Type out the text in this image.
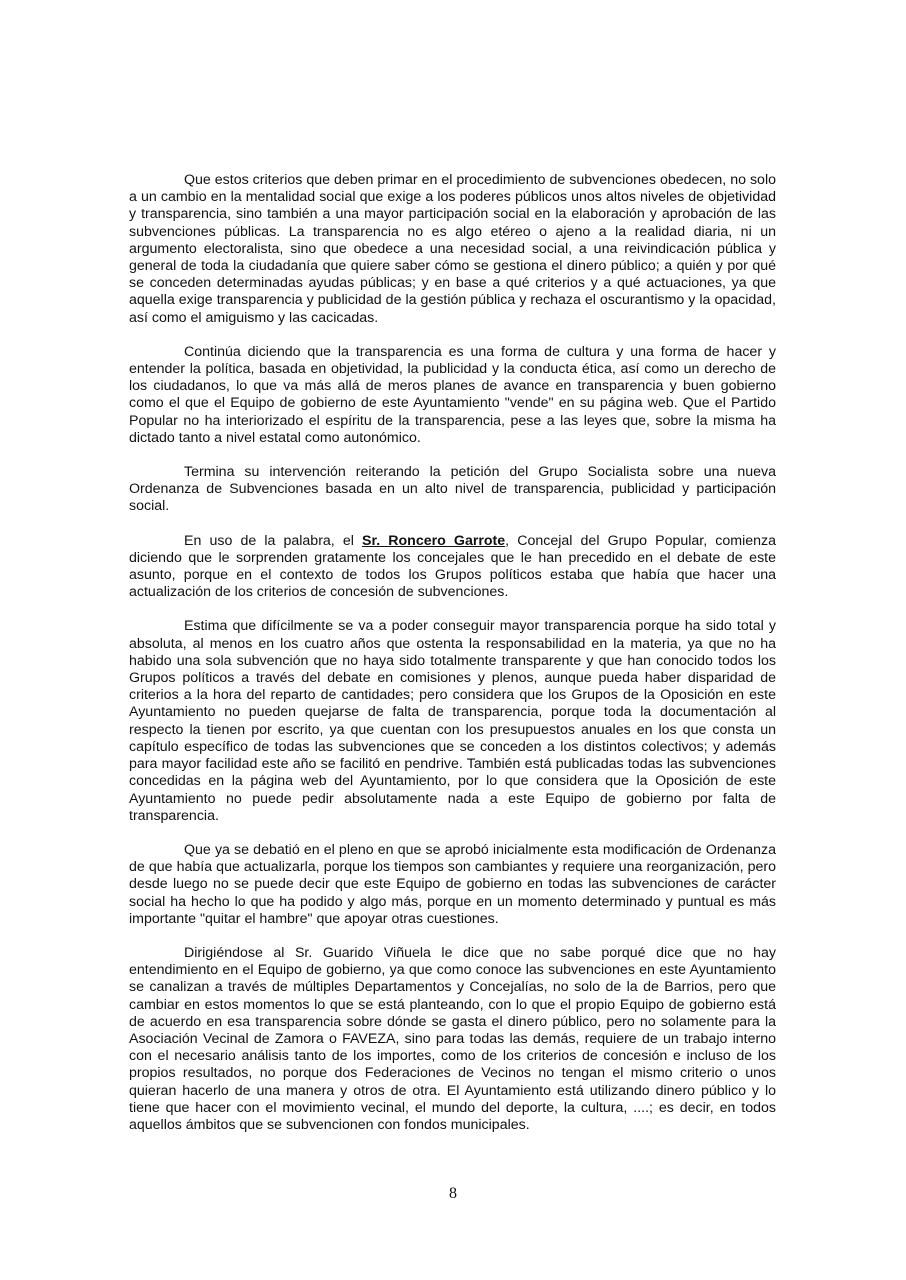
Que estos criterios que deben primar en el procedimiento de subvenciones obedecen, no solo a un cambio en la mentalidad social que exige a los poderes públicos unos altos niveles de objetividad y transparencia, sino también a una mayor participación social en la elaboración y aprobación de las subvenciones públicas. La transparencia no es algo etéreo o ajeno a la realidad diaria, ni un argumento electoralista, sino que obedece a una necesidad social, a una reivindicación pública y general de toda la ciudadanía que quiere saber cómo se gestiona el dinero público; a quién y por qué se conceden determinadas ayudas públicas; y en base a qué criterios y a qué actuaciones, ya que aquella exige transparencia y publicidad de la gestión pública y rechaza el oscurantismo y la opacidad, así como el amiguismo y las cacicadas.

Continúa diciendo que la transparencia es una forma de cultura y una forma de hacer y entender la política, basada en objetividad, la publicidad y la conducta ética, así como un derecho de los ciudadanos, lo que va más allá de meros planes de avance en transparencia y buen gobierno como el que el Equipo de gobierno de este Ayuntamiento "vende" en su página web. Que el Partido Popular no ha interiorizado el espíritu de la transparencia, pese a las leyes que, sobre la misma ha dictado tanto a nivel estatal como autonómico.

Termina su intervención reiterando la petición del Grupo Socialista sobre una nueva Ordenanza de Subvenciones basada en un alto nivel de transparencia, publicidad y participación social.

En uso de la palabra, el Sr. Roncero Garrote, Concejal del Grupo Popular, comienza diciendo que le sorprenden gratamente los concejales que le han precedido en el debate de este asunto, porque en el contexto de todos los Grupos políticos estaba que había que hacer una actualización de los criterios de concesión de subvenciones.

Estima que difícilmente se va a poder conseguir mayor transparencia porque ha sido total y absoluta, al menos en los cuatro años que ostenta la responsabilidad en la materia, ya que no ha habido una sola subvención que no haya sido totalmente transparente y que han conocido todos los Grupos políticos a través del debate en comisiones y plenos, aunque pueda haber disparidad de criterios a la hora del reparto de cantidades; pero considera que los Grupos de la Oposición en este Ayuntamiento no pueden quejarse de falta de transparencia, porque toda la documentación al respecto la tienen por escrito, ya que cuentan con los presupuestos anuales en los que consta un capítulo específico de todas las subvenciones que se conceden a los distintos colectivos; y además para mayor facilidad este año se facilitó en pendrive. También está publicadas todas las subvenciones concedidas en la página web del Ayuntamiento, por lo que considera que la Oposición de este Ayuntamiento no puede pedir absolutamente nada a este Equipo de gobierno por falta de transparencia.

Que ya se debatió en el pleno en que se aprobó inicialmente esta modificación de Ordenanza de que había que actualizarla, porque los tiempos son cambiantes y requiere una reorganización, pero desde luego no se puede decir que este Equipo de gobierno en todas las subvenciones de carácter social ha hecho lo que ha podido y algo más, porque en un momento determinado y puntual es más importante "quitar el hambre" que apoyar otras cuestiones.

Dirigiéndose al Sr. Guarido Viñuela le dice que no sabe porqué dice que no hay entendimiento en el Equipo de gobierno, ya que como conoce las subvenciones en este Ayuntamiento se canalizan a través de múltiples Departamentos y Concejalías, no solo de la de Barrios, pero que cambiar en estos momentos lo que se está planteando, con lo que el propio Equipo de gobierno está de acuerdo en esa transparencia sobre dónde se gasta el dinero público, pero no solamente para la Asociación Vecinal de Zamora o FAVEZA, sino para todas las demás, requiere de un trabajo interno con el necesario análisis tanto de los importes, como de los criterios de concesión e incluso de los propios resultados, no porque dos Federaciones de Vecinos no tengan el mismo criterio o unos quieran hacerlo de una manera y otros de otra. El Ayuntamiento está utilizando dinero público y lo tiene que hacer con el movimiento vecinal, el mundo del deporte, la cultura, ....; es decir, en todos aquellos ámbitos que se subvencionen con fondos municipales.

8
